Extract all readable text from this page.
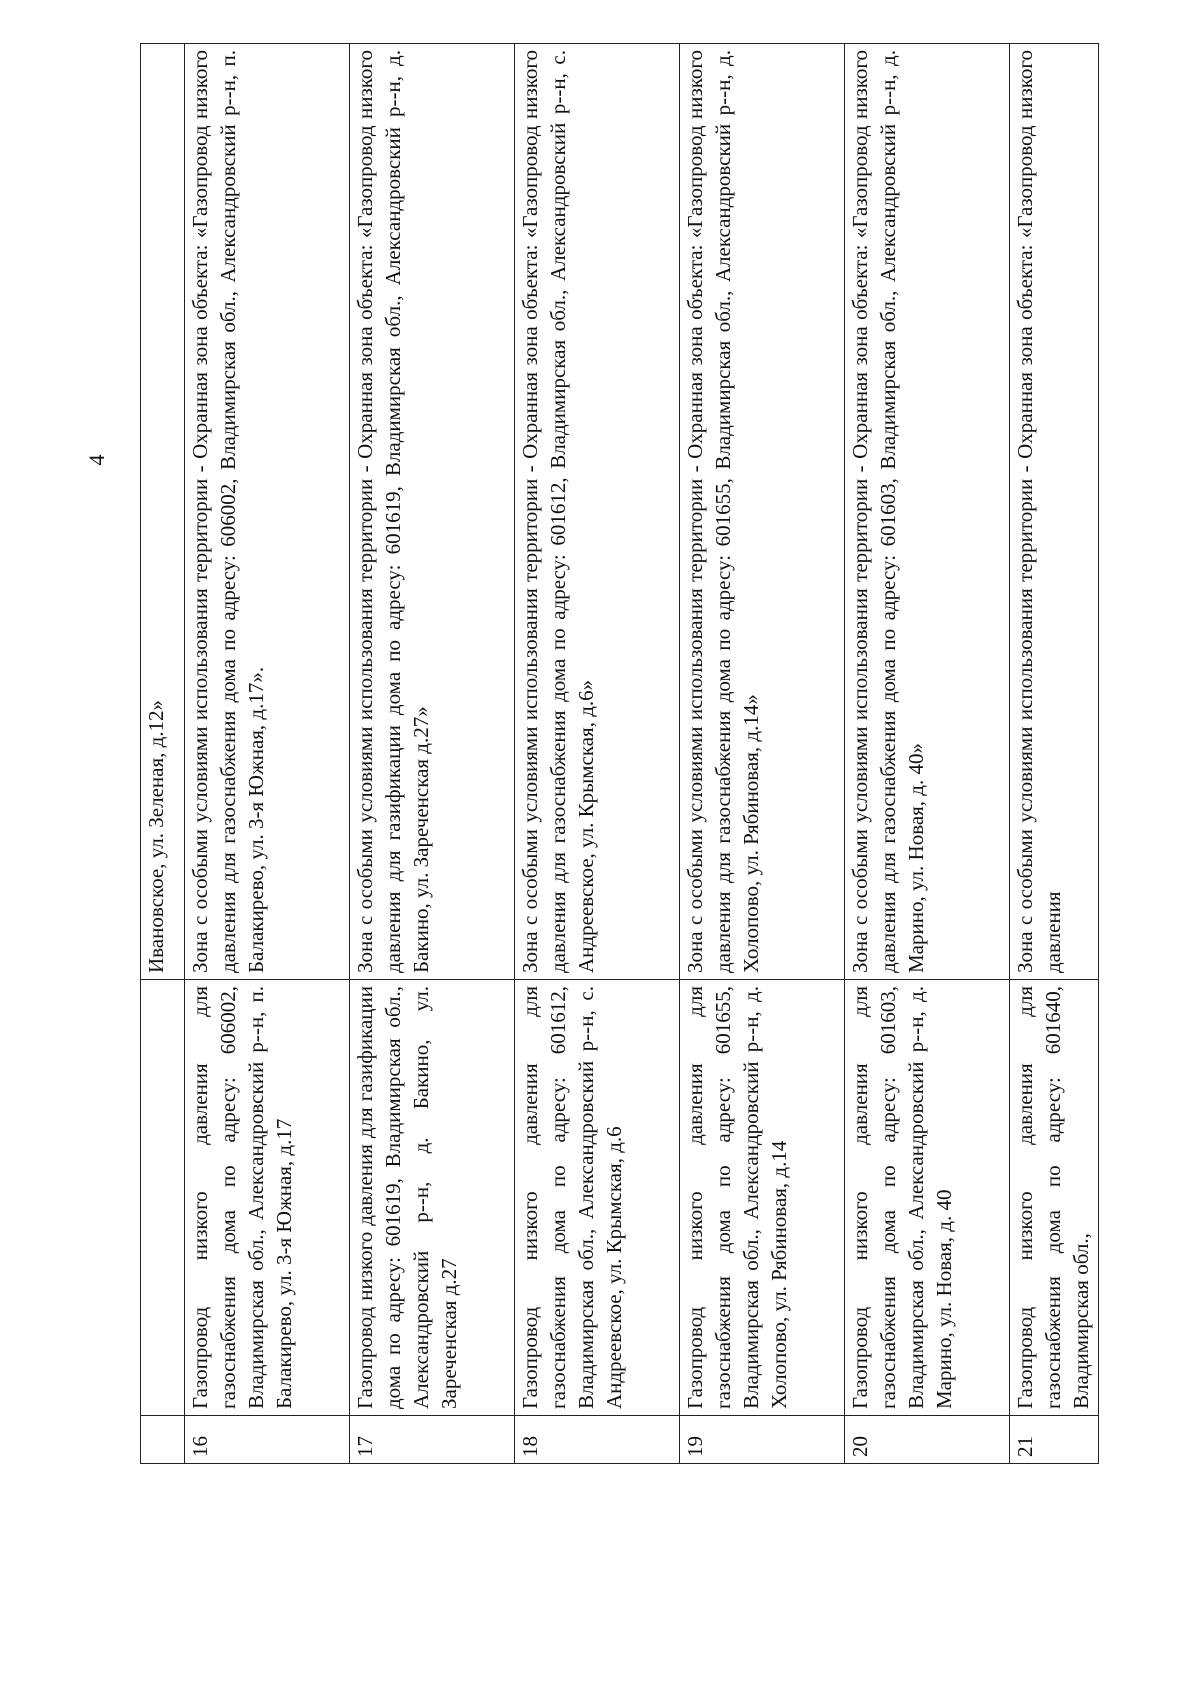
4

		Ивановское, ул. Зеленая, д.12»

16	Газопровод низкого давления для газоснабжения дома по адресу: 606002, Владимирская обл., Александровский р--н, п. Балакирево, ул. 3-я Южная, д.17	Зона с особыми условиями использования территории - Охранная зона объекта: «Газопровод низкого давления для газоснабжения дома по адресу: 606002, Владимирская обл., Александровский р--н, п. Балакирево, ул. 3-я Южная, д.17».

17	Газопровод низкого давления для газификации дома по адресу: 601619, Владимирская обл., Александровский р--н, д. Бакино, ул. Зареченская д.27	Зона с особыми условиями использования территории - Охранная зона объекта: «Газопровод низкого давления для газификации дома по адресу: 601619, Владимирская обл., Александровский р--н, д. Бакино, ул. Зареченская д.27»

18	Газопровод низкого давления для газоснабжения дома по адресу: 601612, Владимирская обл., Александровский р--н, с. Андреевское, ул. Крымская, д.6	Зона с особыми условиями использования территории - Охранная зона объекта: «Газопровод низкого давления для газоснабжения дома по адресу: 601612, Владимирская обл., Александровский р--н, с. Андреевское, ул. Крымская, д.6»

19	Газопровод низкого давления для газоснабжения дома по адресу: 601655, Владимирская обл., Александровский р--н, д. Холопово, ул. Рябиновая, д.14	Зона с особыми условиями использования территории - Охранная зона объекта: «Газопровод низкого давления для газоснабжения дома по адресу: 601655, Владимирская обл., Александровский р--н, д. Холопово, ул. Рябиновая, д.14»

20	Газопровод низкого давления для газоснабжения дома по адресу: 601603, Владимирская обл., Александровский р--н, д. Марино, ул. Новая, д. 40	Зона с особыми условиями использования территории - Охранная зона объекта: «Газопровод низкого давления для газоснабжения дома по адресу: 601603, Владимирская обл., Александровский р--н, д. Марино, ул. Новая, д. 40»

21	Газопровод низкого давления для газоснабжения дома по адресу: 601640, Владимирская обл.,	Зона с особыми условиями использования территории - Охранная зона объекта: «Газопровод низкого давления
